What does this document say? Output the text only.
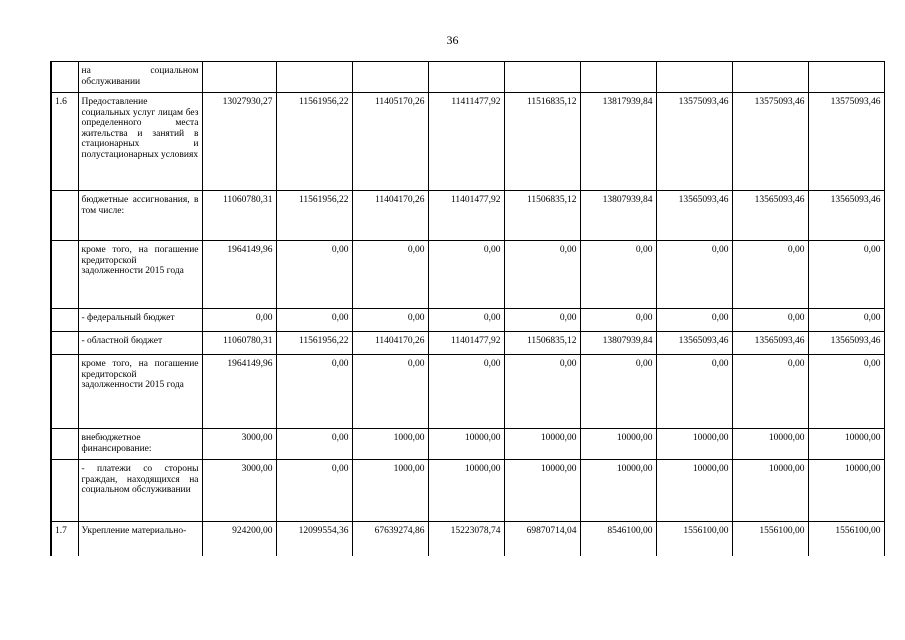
36
	на социальном обслуживании									
1.6	Предоставление социальных услуг лицам без определенного места жительства и занятий в стационарных и полустационарных условиях	13027930,27	11561956,22	11405170,26	11411477,92	11516835,12	13817939,84	13575093,46	13575093,46	13575093,46
	бюджетные ассигнования, в том числе:	11060780,31	11561956,22	11404170,26	11401477,92	11506835,12	13807939,84	13565093,46	13565093,46	13565093,46
	кроме того, на погашение кредиторской задолженности 2015 года	1964149,96	0,00	0,00	0,00	0,00	0,00	0,00	0,00	0,00
	- федеральный бюджет	0,00	0,00	0,00	0,00	0,00	0,00	0,00	0,00	0,00
	- областной бюджет	11060780,31	11561956,22	11404170,26	11401477,92	11506835,12	13807939,84	13565093,46	13565093,46	13565093,46
	кроме того, на погашение кредиторской задолженности 2015 года	1964149,96	0,00	0,00	0,00	0,00	0,00	0,00	0,00	0,00
	внебюджетное финансирование:	3000,00	0,00	1000,00	10000,00	10000,00	10000,00	10000,00	10000,00	10000,00
	- платежи со стороны граждан, находящихся на социальном обслуживании	3000,00	0,00	1000,00	10000,00	10000,00	10000,00	10000,00	10000,00	10000,00
1.7	Укрепление материально-	924200,00	12099554,36	67639274,86	15223078,74	69870714,04	8546100,00	1556100,00	1556100,00	1556100,00
